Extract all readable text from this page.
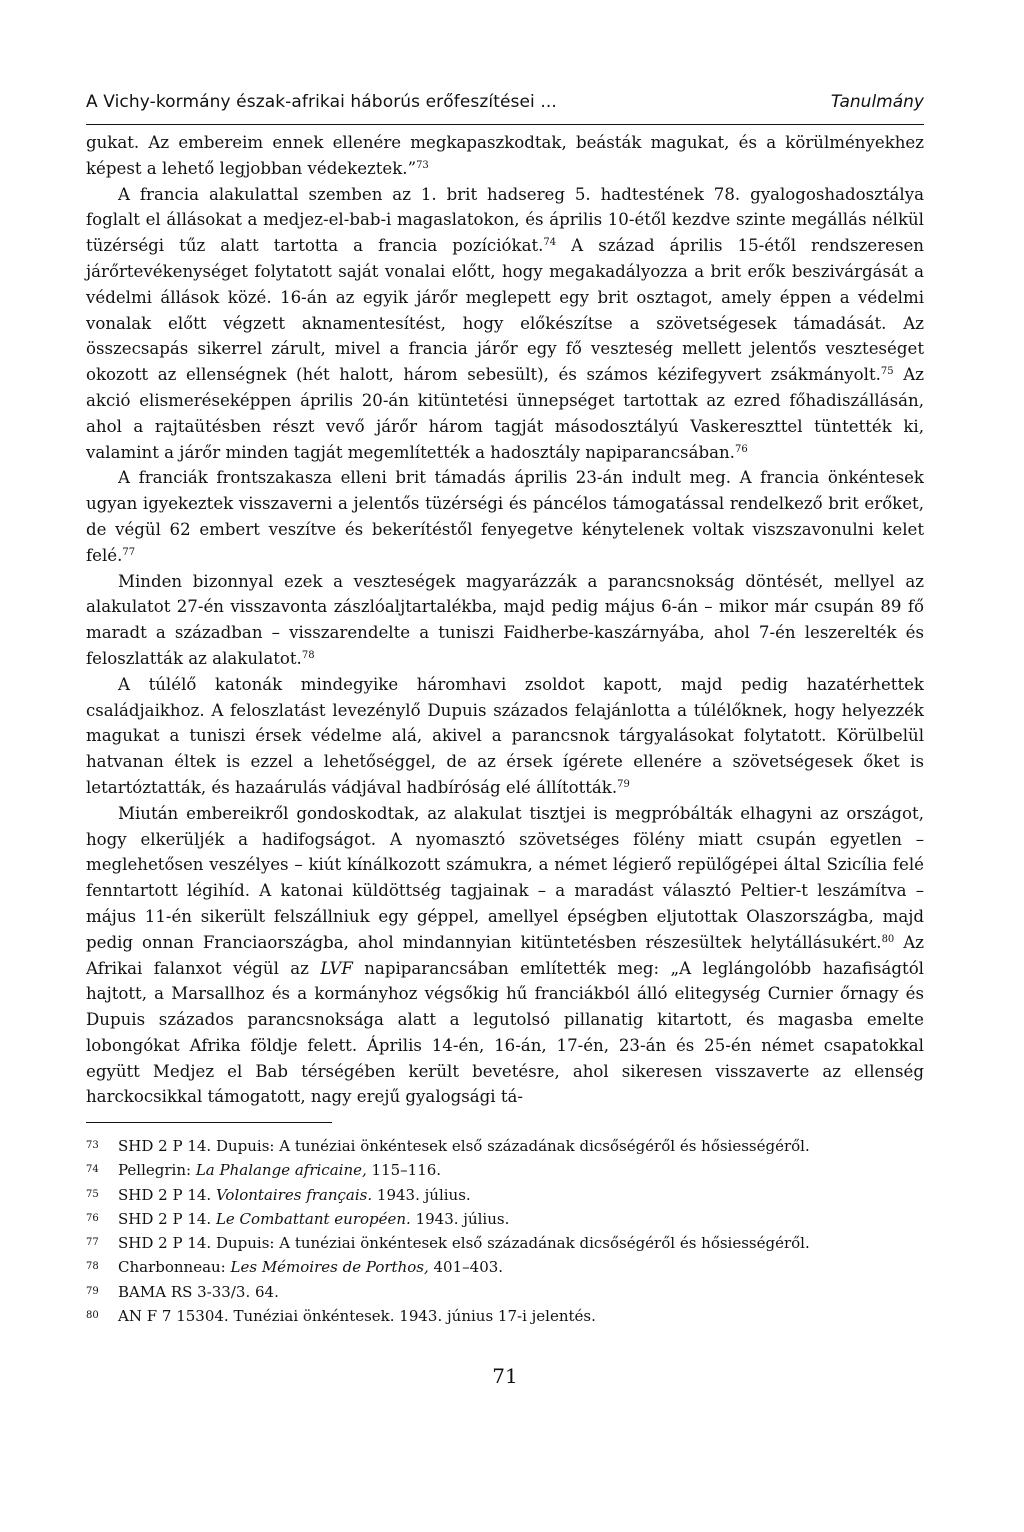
A Vichy-kormány észak-afrikai háborús erőfeszítései ...	Tanulmány

gukat. Az embereim ennek ellenére megkapaszkodtak, beásták magukat, és a körülményekhez képest a lehető legjobban védekeztek.”$^{73}$

A francia alakulattal szemben az 1. brit hadsereg 5. hadtestének 78. gyalogoshadosztálya foglalt el állásokat a medjez-el-bab-i magaslatokon, és április 10-étől kezdve szinte megállás nélkül tüzérségi tűz alatt tartotta a francia pozíciókat.$^{74}$ A század április 15-étől rendszeresen járőrtevékenységet folytatott saját vonalai előtt, hogy megakadályozza a brit erők beszivárgását a védelmi állások közé. 16-án az egyik járőr meglepett egy brit osztagot, amely éppen a védelmi vonalak előtt végzett aknamentesítést, hogy előkészítse a szövetségesek támadását. Az összecsapás sikerrel zárult, mivel a francia járőr egy fő veszteség mellett jelentős veszteséget okozott az ellenségnek (hét halott, három sebesült), és számos kézifegyvert zsákmányolt.$^{75}$ Az akció elismeréseképpen április 20-án kitüntetési ünnepséget tartottak az ezred főhadiszállásán, ahol a rajtaütésben részt vevő járőr három tagját másodosztályú Vaskereszttel tüntették ki, valamint a járőr minden tagját megemlítették a hadosztály napiparancsában.$^{76}$

A franciák frontszakasza elleni brit támadás április 23-án indult meg. A francia önkéntesek ugyan igyekeztek visszaverni a jelentős tüzérségi és páncélos támogatással rendelkező brit erőket, de végül 62 embert veszítve és bekerítéstől fenyegetve kénytelenek voltak viszszavonulni kelet felé.$^{77}$

Minden bizonnyal ezek a veszteségek magyarázzák a parancsnokság döntését, mellyel az alakulatot 27-én visszavonta zászlóaljtartalékba, majd pedig május 6-án – mikor már csupán 89 fő maradt a században – visszarendelte a tuniszi Faidherbe-kaszárnyába, ahol 7-én leszerelték és feloszlatták az alakulatot.$^{78}$

A túlélő katonák mindegyike háromhavi zsoldot kapott, majd pedig hazatérhettek családjaikhoz. A feloszlatást levezénylő Dupuis százados felajánlotta a túlélőknek, hogy helyezzék magukat a tuniszi érsek védelme alá, akivel a parancsnok tárgyalásokat folytatott. Körülbelül hatvanan éltek is ezzel a lehetőséggel, de az érsek ígérete ellenére a szövetségesek őket is letartóztatták, és hazaárulás vádjával hadbíróság elé állították.$^{79}$

Miután embereikről gondoskodtak, az alakulat tisztjei is megpróbálták elhagyni az országot, hogy elkerüljék a hadifogságot. A nyomasztó szövetséges fölény miatt csupán egyetlen – meglehetősen veszélyes – kiút kínálkozott számukra, a német légierő repülőgépei által Szicília felé fenntartott légihíd. A katonai küldöttség tagjainak – a maradást választó Peltier-t leszámítva – május 11-én sikerült felszállniuk egy géppel, amellyel épségben eljutottak Olaszországba, majd pedig onnan Franciaországba, ahol mindannyian kitüntetésben részesültek helytállásukért.$^{80}$ Az Afrikai falanxot végül az LVF napiparancsában említették meg: „A leglángolóbb hazafiságtól hajtott, a Marsallhoz és a kormányhoz végsőkig hű franciákból álló elitegység Curnier őrnagy és Dupuis százados parancsnoksága alatt a legutolsó pillanatig kitartott, és magasba emelte lobongókat Afrika földje felett. Április 14-én, 16-án, 17-én, 23-án és 25-én német csapatokkal együtt Medjez el Bab térségében került bevetésre, ahol sikeresen visszaverte az ellenség harckocsikkal támogatott, nagy erejű gyalogsági tá-

73 SHD 2 P 14. Dupuis: A tunéziai önkéntesek első századának dicsőségéről és hősiességéről.
74 Pellegrin: La Phalange africaine, 115–116.
75 SHD 2 P 14. Volontaires français. 1943. július.
76 SHD 2 P 14. Le Combattant européen. 1943. július.
77 SHD 2 P 14. Dupuis: A tunéziai önkéntesek első századának dicsőségéről és hősiességéről.
78 Charbonneau: Les Mémoires de Porthos, 401–403.
79 BAMA RS 3-33/3. 64.
80 AN F 7 15304. Tunéziai önkéntesek. 1943. június 17-i jelentés.
71
